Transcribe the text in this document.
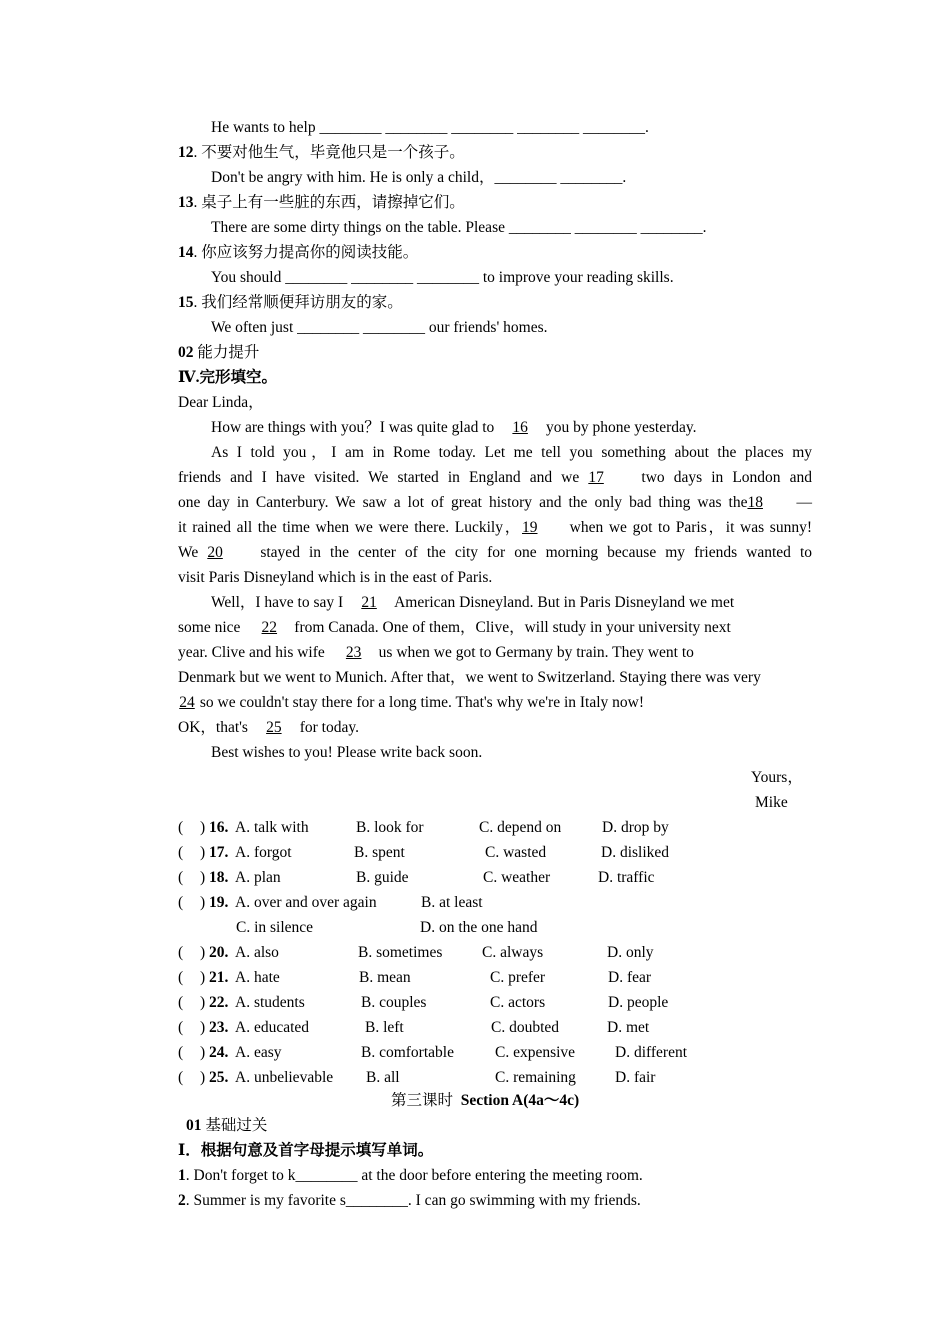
He wants to help ________ ________ ________ ________ ________.
12. 不要对他生气，毕竟他只是一个孩子。
Don't be angry with him. He is only a child，________ ________.
13. 桌子上有一些脏的东西，请擦掉它们。
There are some dirty things on the table. Please ________ ________ ________.
14. 你应该努力提高你的阅读技能。
You should ________ ________ ________ to improve your reading skills.
15. 我们经常顺便拜访朋友的家。
We often just ________ ________ our friends' homes.
02 能力提升
Ⅳ.完形填空。
Dear Linda，
How are things with you？I was quite glad to 16 you by phone yesterday.
As I told you，I am in Rome today. Let me tell you something about the places my
friends and I have visited. We started in England and we 17 two days in London and
one day in Canterbury. We saw a lot of great history and the only bad thing was the18 —
it rained all the time when we were there. Luckily，19 when we got to Paris，it was sunny!
We 20 stayed in the center of the city for one morning because my friends wanted to
visit Paris Disneyland which is in the east of Paris.
Well，I have to say I 21 American Disneyland. But in Paris Disneyland we met
some nice 22 from Canada. One of them，Clive，will study in your university next
year. Clive and his wife 23 us when we got to Germany by train. They went to
Denmark but we went to Munich. After that，we went to Switzerland. Staying there was very
24 so we couldn't stay there for a long time. That's why we're in Italy now!
OK，that's 25 for today.
Best wishes to you! Please write back soon.
Yours，
Mike
( ) 16. A. talk with	B. look for	C. depend on	D. drop by
( ) 17. A. forgot	B. spent	C. wasted	D. disliked
( ) 18. A. plan	B. guide	C. weather	D. traffic
( ) 19. A. over and over again	B. at least
C. in silence	D. on the one hand
( ) 20. A. also	B. sometimes	C. always	D. only
( ) 21. A. hate	B. mean	C. prefer	D. fear
( ) 22. A. students	B. couples	C. actors	D. people
( ) 23. A. educated	B. left	C. doubted	D. met
( ) 24. A. easy	B. comfortable	C. expensive	D. different
( ) 25. A. unbelievable B. all	C. remaining	D. fair
第三课时 Section A(4a～4c)
01 基础过关
Ⅰ．根据句意及首字母提示填写单词。
1. Don't forget to k________ at the door before entering the meeting room.
2. Summer is my favorite s________. I can go swimming with my friends.
